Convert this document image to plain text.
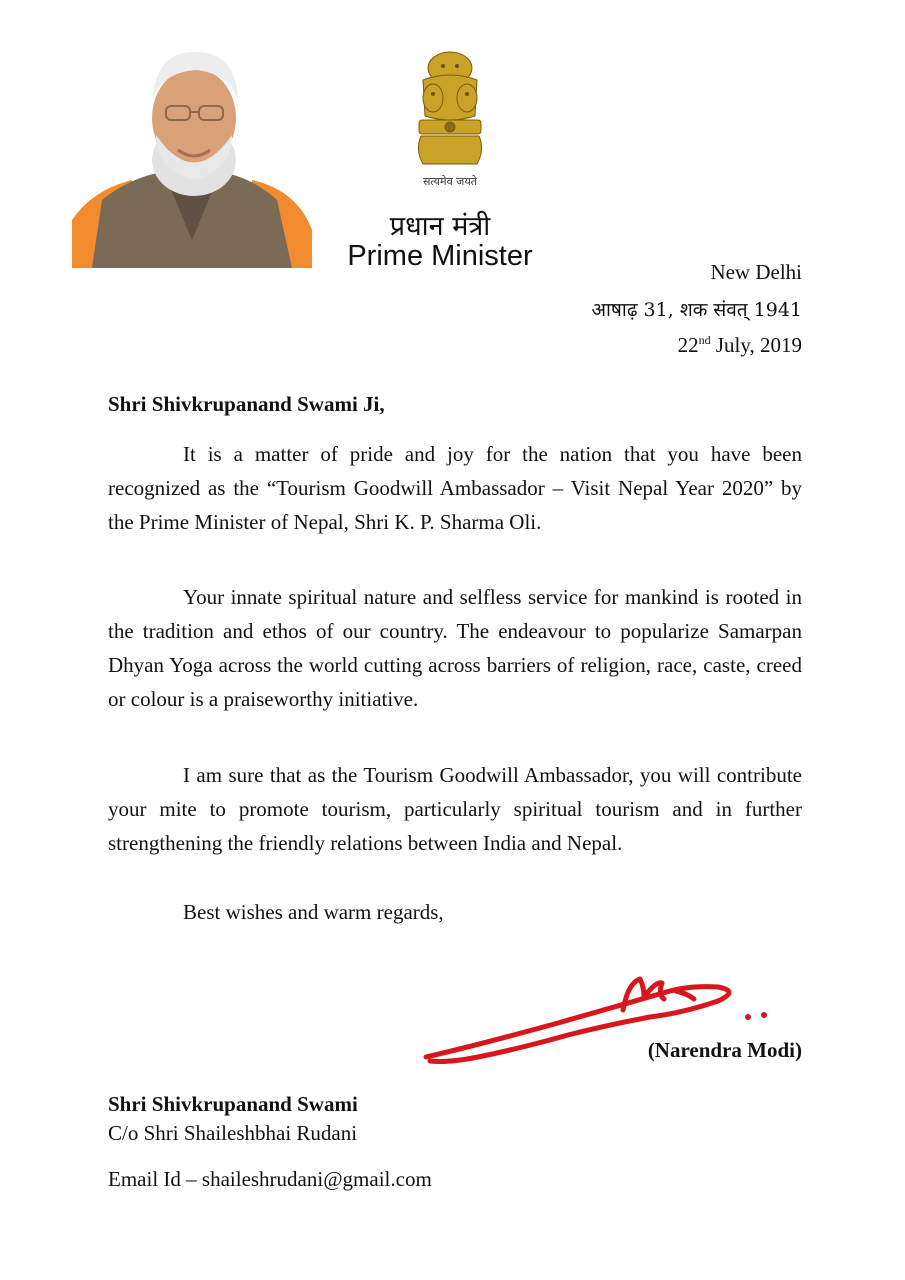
सत्यमेव जयते
प्रधान मंत्री
Prime Minister	New Delhi
आषाढ़ 31, शक संवत् 1941
22nd July, 2019
Shri Shivkrupanand Swami Ji,

It is a matter of pride and joy for the nation that you have been recognized as the “Tourism Goodwill Ambassador – Visit Nepal Year 2020” by the Prime Minister of Nepal, Shri K. P. Sharma Oli.

Your innate spiritual nature and selfless service for mankind is rooted in the tradition and ethos of our country. The endeavour to popularize Samarpan Dhyan Yoga across the world cutting across barriers of religion, race, caste, creed or colour is a praiseworthy initiative.

I am sure that as the Tourism Goodwill Ambassador, you will contribute your mite to promote tourism, particularly spiritual tourism and in further strengthening the friendly relations between India and Nepal.

Best wishes and warm regards,
(Narendra Modi)
Shri Shivkrupanand Swami
C/o Shri Shaileshbhai Rudani
Email Id – shaileshrudani@gmail.com
